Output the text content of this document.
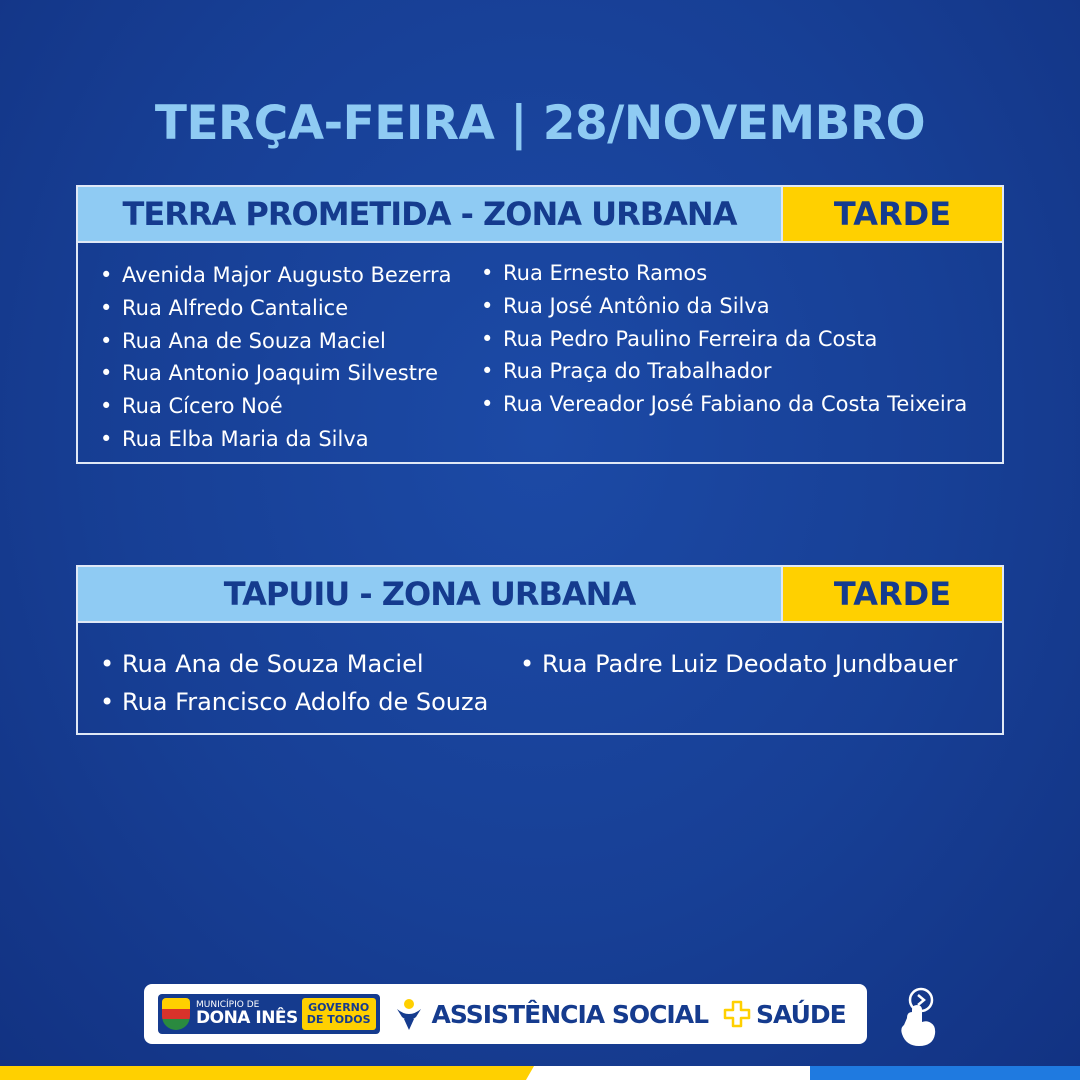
TERÇA-FEIRA | 28/NOVEMBRO
TERRA PROMETIDA - ZONA URBANA	TARDE
• Avenida Major Augusto Bezerra
• Rua Alfredo Cantalice
• Rua Ana de Souza Maciel
• Rua Antonio Joaquim Silvestre
• Rua Cícero Noé
• Rua Elba Maria da Silva
• Rua Ernesto Ramos
• Rua José Antônio da Silva
• Rua Pedro Paulino Ferreira da Costa
• Rua Praça do Trabalhador
• Rua Vereador José Fabiano da Costa Teixeira
TAPUIU - ZONA URBANA	TARDE
• Rua Ana de Souza Maciel
• Rua Francisco Adolfo de Souza
• Rua Padre Luiz Deodato Jundbauer
MUNICÍPIO DE
DONA INÊS
GOVERNO
DE TODOS ASSISTÊNCIA SOCIAL SAÚDE
